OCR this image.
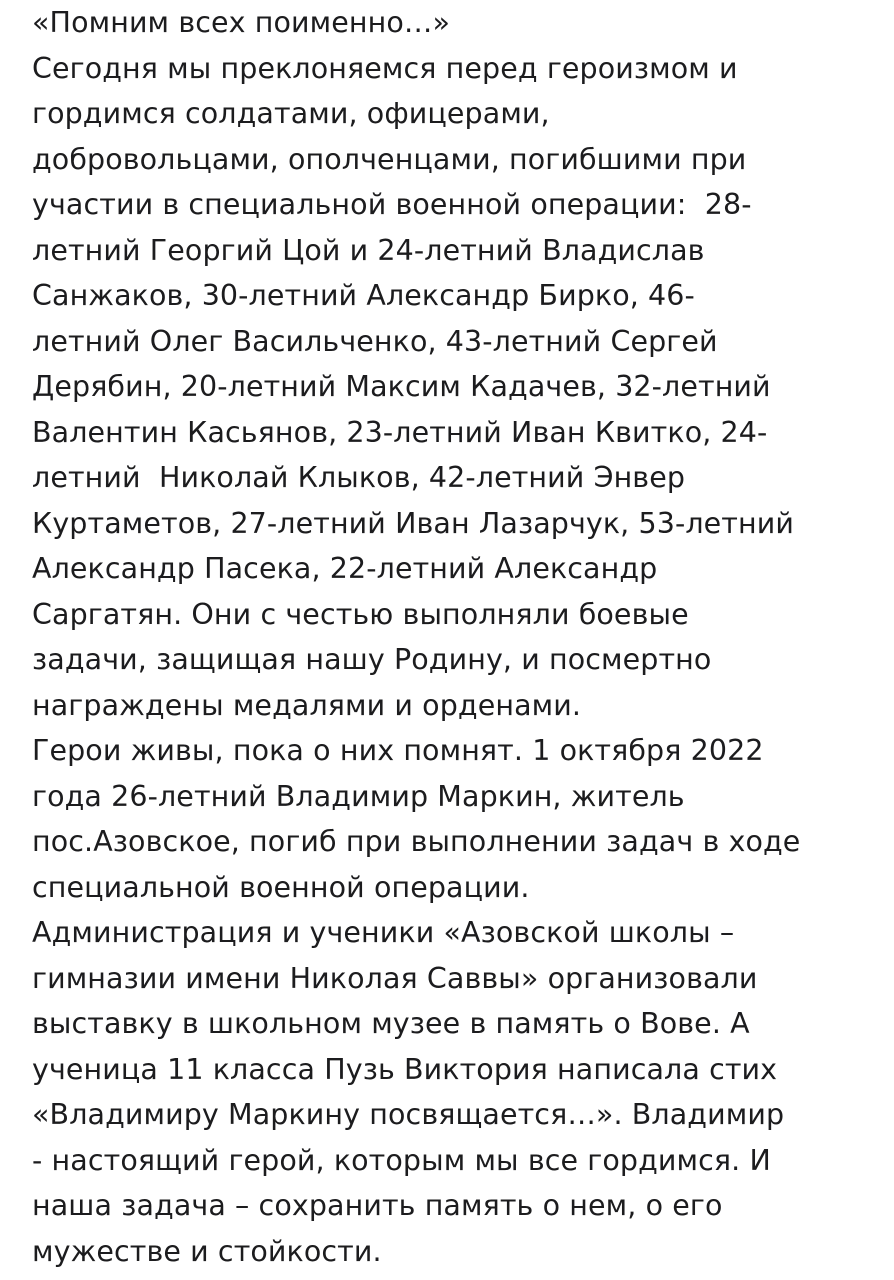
«Помним всех поименно…»
Сегодня мы преклоняемся перед героизмом и
гордимся солдатами, офицерами,
добровольцами, ополченцами, погибшими при
участии в специальной военной операции:  28-
летний Георгий Цой и 24-летний Владислав
Санжаков, 30-летний Александр Бирко, 46-
летний Олег Васильченко, 43-летний Сергей
Дерябин, 20-летний Максим Кадачев, 32-летний
Валентин Касьянов, 23-летний Иван Квитко, 24-
летний  Николай Клыков, 42-летний Энвер
Куртаметов, 27-летний Иван Лазарчук, 53-летний
Александр Пасека, 22-летний Александр
Саргатян. Они с честью выполняли боевые
задачи, защищая нашу Родину, и посмертно
награждены медалями и орденами.
Герои живы, пока о них помнят. 1 октября 2022
года 26-летний Владимир Маркин, житель
пос.Азовское, погиб при выполнении задач в ходе
специальной военной операции.
Администрация и ученики «Азовской школы –
гимназии имени Николая Саввы» организовали
выставку в школьном музее в память о Вове. А
ученица 11 класса Пузь Виктория написала стих
«Владимиру Маркину посвящается…». Владимир
- настоящий герой, которым мы все гордимся. И
наша задача – сохранить память о нем, о его
мужестве и стойкости.
